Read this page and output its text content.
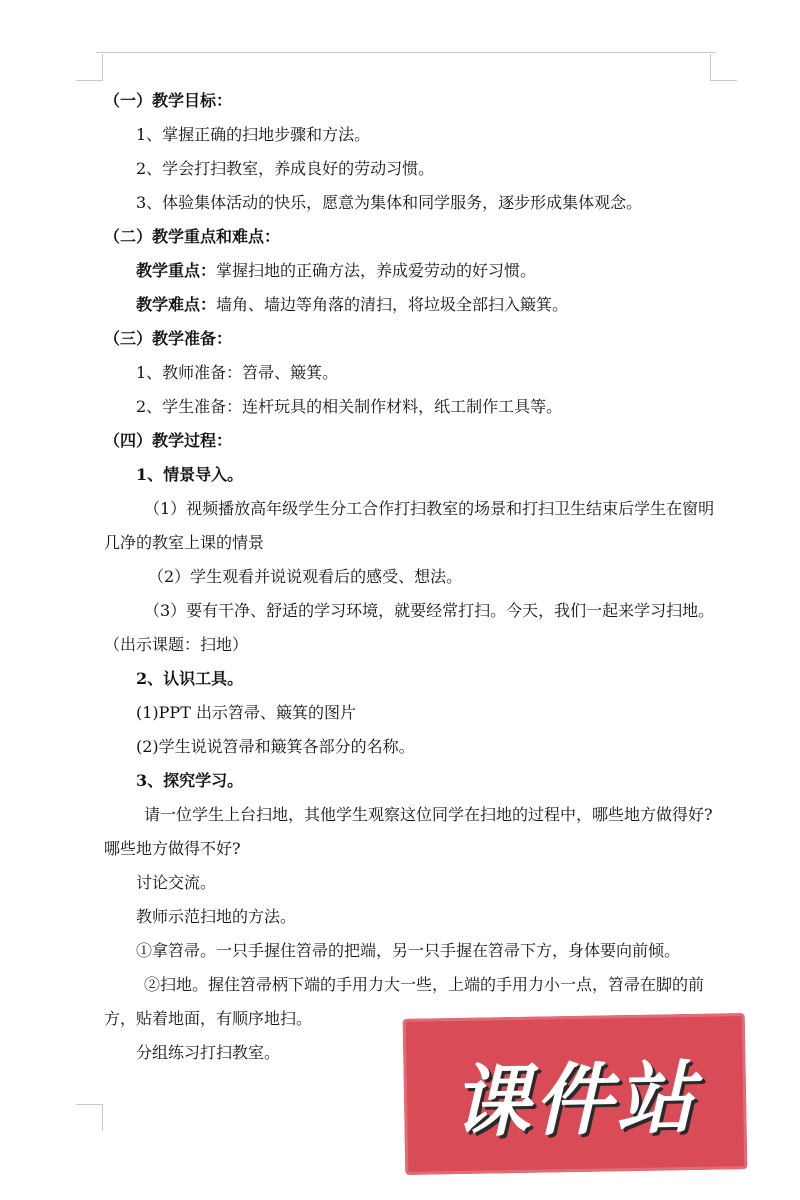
（一）教学目标：

1、掌握正确的扫地步骤和方法。

2、学会打扫教室，养成良好的劳动习惯。

3、体验集体活动的快乐，愿意为集体和同学服务，逐步形成集体观念。

（二）教学重点和难点：

教学重点：掌握扫地的正确方法，养成爱劳动的好习惯。

教学难点：墙角、墙边等角落的清扫，将垃圾全部扫入簸箕。

（三）教学准备：

1、教师准备：笤帚、簸箕。

2、学生准备：连杆玩具的相关制作材料，纸工制作工具等。

（四）教学过程：

1、情景导入。

（1）视频播放高年级学生分工合作打扫教室的场景和打扫卫生结束后学生在窗明几净的教室上课的情景

（2）学生观看并说说观看后的感受、想法。

（3）要有干净、舒适的学习环境，就要经常打扫。今天，我们一起来学习扫地。（出示课题：扫地）

2、认识工具。

(1)PPT 出示笤帚、簸箕的图片

(2)学生说说笤帚和簸箕各部分的名称。

3、探究学习。

请一位学生上台扫地，其他学生观察这位同学在扫地的过程中，哪些地方做得好?哪些地方做得不好?

讨论交流。

教师示范扫地的方法。

①拿笤帚。一只手握住笤帚的把端，另一只手握在笤帚下方，身体要向前倾。

②扫地。握住笤帚柄下端的手用力大一些，上端的手用力小一点，笤帚在脚的前方，贴着地面，有顺序地扫。

分组练习打扫教室。

课件站
